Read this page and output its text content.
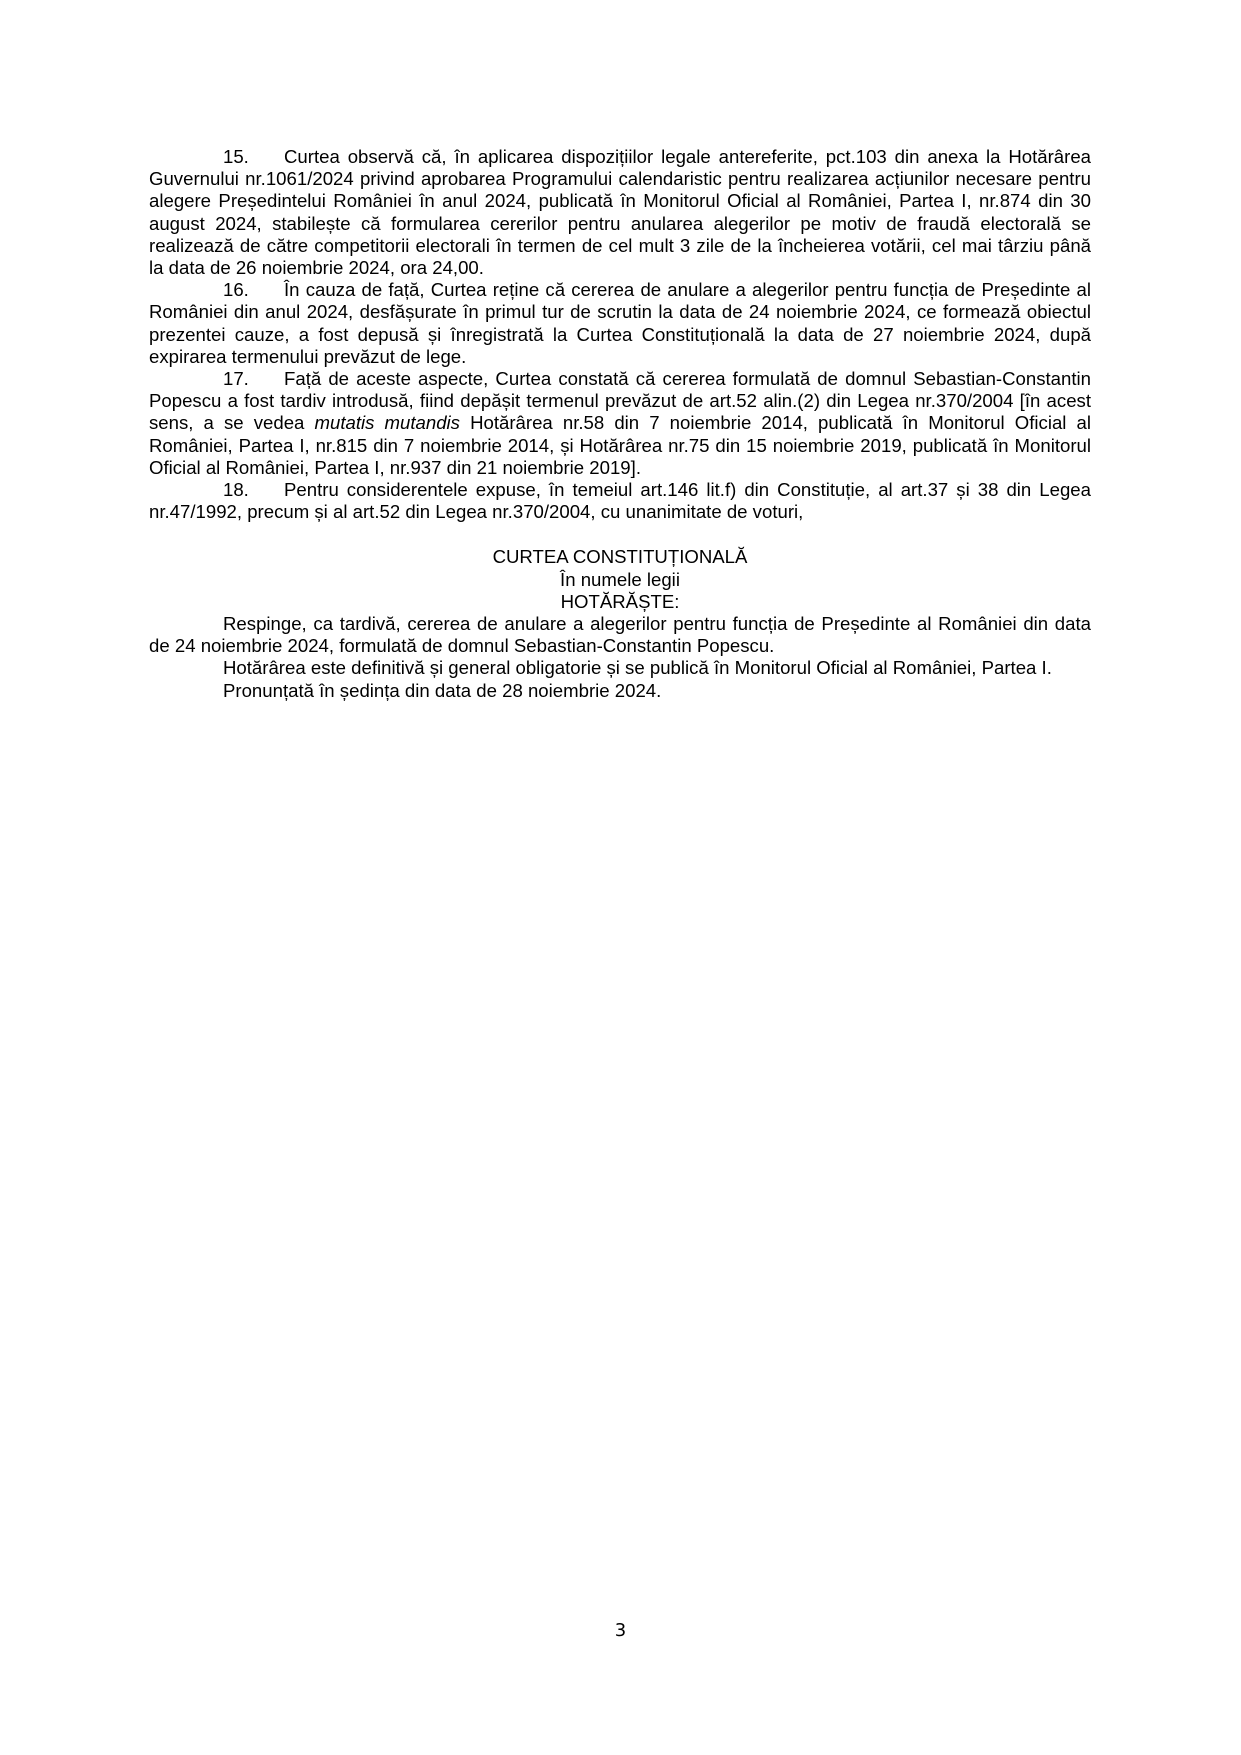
15. Curtea observă că, în aplicarea dispozițiilor legale antereferite, pct.103 din anexa la Hotărârea Guvernului nr.1061/2024 privind aprobarea Programului calendaristic pentru realizarea acțiunilor necesare pentru alegere Președintelui României în anul 2024, publicată în Monitorul Oficial al României, Partea I, nr.874 din 30 august 2024, stabilește că formularea cererilor pentru anularea alegerilor pe motiv de fraudă electorală se realizează de către competitorii electorali în termen de cel mult 3 zile de la încheierea votării, cel mai târziu până la data de 26 noiembrie 2024, ora 24,00.

16. În cauza de față, Curtea reține că cererea de anulare a alegerilor pentru funcția de Președinte al României din anul 2024, desfășurate în primul tur de scrutin la data de 24 noiembrie 2024, ce formează obiectul prezentei cauze, a fost depusă și înregistrată la Curtea Constituțională la data de 27 noiembrie 2024, după expirarea termenului prevăzut de lege.

17. Față de aceste aspecte, Curtea constată că cererea formulată de domnul Sebastian-Constantin Popescu a fost tardiv introdusă, fiind depășit termenul prevăzut de art.52 alin.(2) din Legea nr.370/2004 [în acest sens, a se vedea mutatis mutandis Hotărârea nr.58 din 7 noiembrie 2014, publicată în Monitorul Oficial al României, Partea I, nr.815 din 7 noiembrie 2014, și Hotărârea nr.75 din 15 noiembrie 2019, publicată în Monitorul Oficial al României, Partea I, nr.937 din 21 noiembrie 2019].

18. Pentru considerentele expuse, în temeiul art.146 lit.f) din Constituție, al art.37 și 38 din Legea nr.47/1992, precum și al art.52 din Legea nr.370/2004, cu unanimitate de voturi,

CURTEA CONSTITUȚIONALĂ
În numele legii
HOTĂRĂȘTE:

Respinge, ca tardivă, cererea de anulare a alegerilor pentru funcția de Președinte al României din data de 24 noiembrie 2024, formulată de domnul Sebastian-Constantin Popescu.

Hotărârea este definitivă și general obligatorie și se publică în Monitorul Oficial al României, Partea I.

Pronunțată în ședința din data de 28 noiembrie 2024.

3
